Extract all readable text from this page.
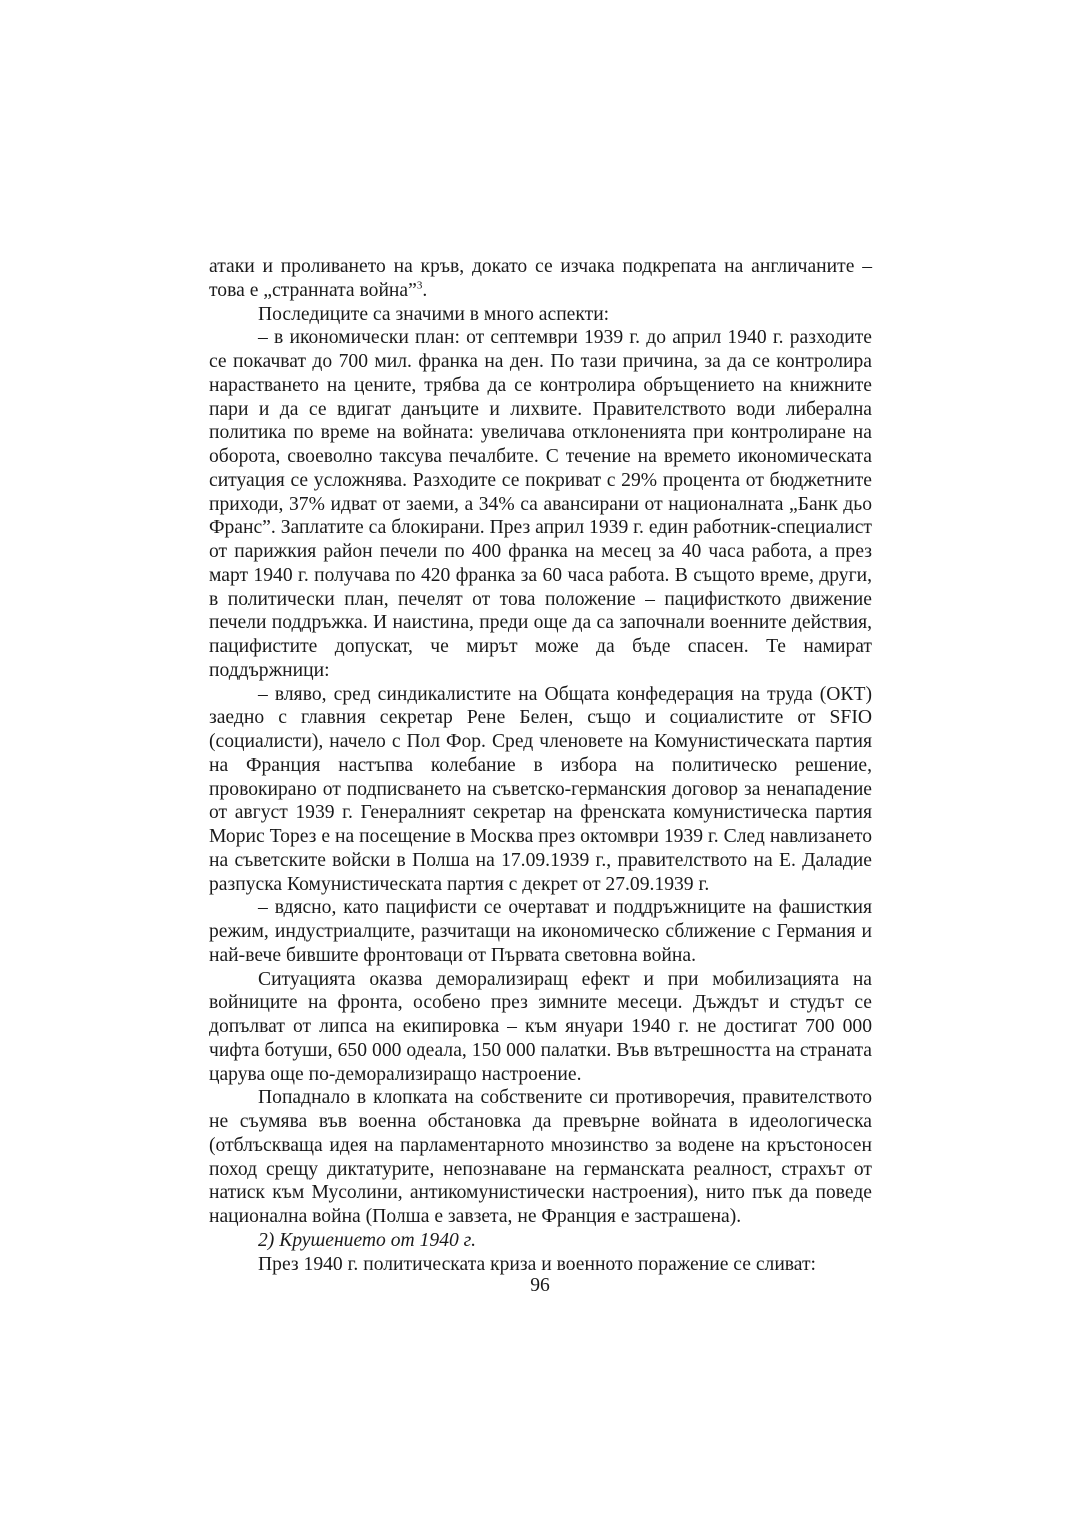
атаки и проливането на кръв, докато се изчака подкрепата на англичаните – това е „странната война”$^3$.

Последиците са значими в много аспекти:

– в икономически план: от септември 1939 г. до април 1940 г. разходите се покачват до 700 мил. франка на ден. По тази причина, за да се контролира нарастването на цените, трябва да се контролира обръщението на книжните пари и да се вдигат данъците и лихвите. Правителството води либерална политика по време на войната: увеличава отклоненията при контролиране на оборота, своеволно таксува печалбите. С течение на времето икономическата ситуация се усложнява. Разходите се покриват с 29% процента от бюджетните приходи, 37% идват от заеми, а 34% са авансирани от националната „Банк дьо Франс”. Заплатите са блокирани. През април 1939 г. един работник-специалист от парижкия район печели по 400 франка на месец за 40 часа работа, а през март 1940 г. получава по 420 франка за 60 часа работа. В същото време, други, в политически план, печелят от това положение – пацифисткото движение печели поддръжка. И наистина, преди още да са започнали военните действия, пацифистите допускат, че мирът може да бъде спасен. Те намират поддържници:

– вляво, сред синдикалистите на Общата конфедерация на труда (ОКТ) заедно с главния секретар Рене Белен, също и социалистите от SFIO (социалисти), начело с Пол Фор. Сред членовете на Комунистическата партия на Франция настъпва колебание в избора на политическо решение, провокирано от подписването на съветско-германския договор за ненападение от август 1939 г. Генералният секретар на френската комунистическа партия Морис Торез е на посещение в Москва през октомври 1939 г. След навлизането на съветските войски в Полша на 17.09.1939 г., правителството на Е. Даладие разпуска Комунистическата партия с декрет от 27.09.1939 г.

– вдясно, като пацифисти се очертават и поддръжниците на фашисткия режим, индустриалците, разчитащи на икономическо сближение с Германия и най-вече бившите фронтоваци от Първата световна война.

Ситуацията оказва деморализиращ ефект и при мобилизацията на войниците на фронта, особено през зимните месеци. Дъждът и студът се допълват от липса на екипировка – към януари 1940 г. не достигат 700 000 чифта ботуши, 650 000 одеала, 150 000 палатки. Във вътрешността на страната царува още по-деморализиращо настроение.

Попаднало в клопката на собствените си противоречия, правителството не съумява във военна обстановка да превърне войната в идеологическа (отблъскваща идея на парламентарното мнозинство за водене на кръстоносен поход срещу диктатурите, непознаване на германската реалност, страхът от натиск към Мусолини, антикомунистически настроения), нито пък да поведе национална война (Полша е завзета, не Франция е застрашена).

2) Крушението от 1940 г.

През 1940 г. политическата криза и военното поражение се сливат:

96
